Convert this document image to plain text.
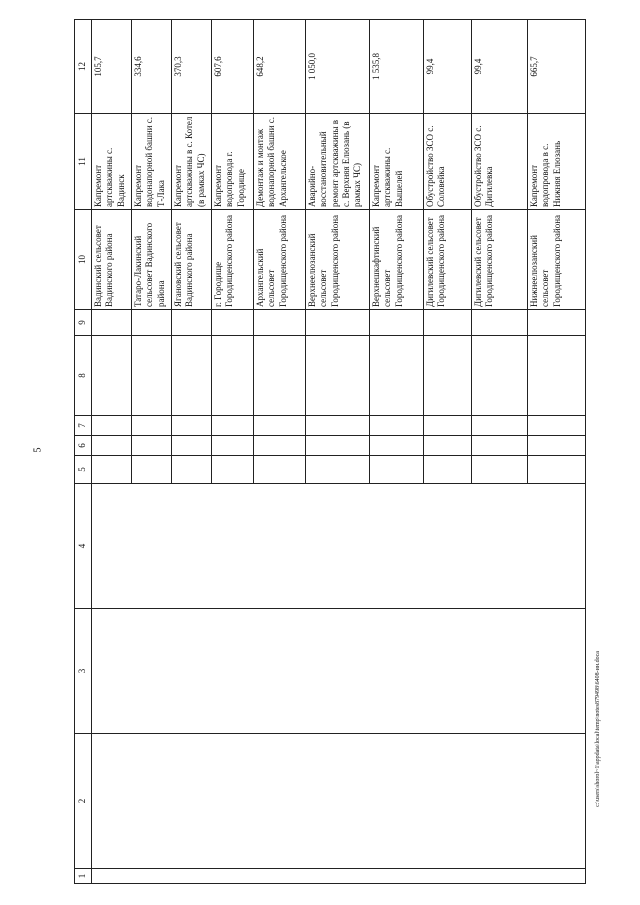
5
c:\users\shorol~1\appdata\local\temp\notes879498\6408-ин.doca
1	2	3	4	5	6	7	8	9	10	11	12
									Вадинский сельсовет Вадинского района	Капремонт артскважины с. Вадинск	105,7
									Татаро-Лакинский сельсовет Вадинского района	Капремонт водонапорной башни с. Т-Лака	334,6
									Ягановский сельсовет Вадинского района	Капремонт артскважины в с. Котел (в рамках ЧС)	370,3
									г. Городище Городищенского района	Капремонт водопровода г. Городище	607,6
									Архангельский сельсовет Городищенского района	Демонтаж и монтаж водонапорной башни с. Архангельское	648,2
									Верхнеелюзанский сельсовет Городищенского района	Аварийно-восстановительный ремонт артскважины в с. Верхняя Елюзань (в рамках ЧС)	1 050,0
									Верхнешкафтинский сельсовет Городищенского района	Капремонт артскважины с. Вышелей	1 535,8
									Дигилевский сельсовет Городищенского района	Обустройство ЗСО с. Соловейка	99,4
									Дигилевский сельсовет Городищенского района	Обустройство ЗСО с. Дигилевка	99,4
									Нижнеелюзанский сельсовет Городищенского района	Капремонт водопровода в с. Нижняя Елюзань	665,7
